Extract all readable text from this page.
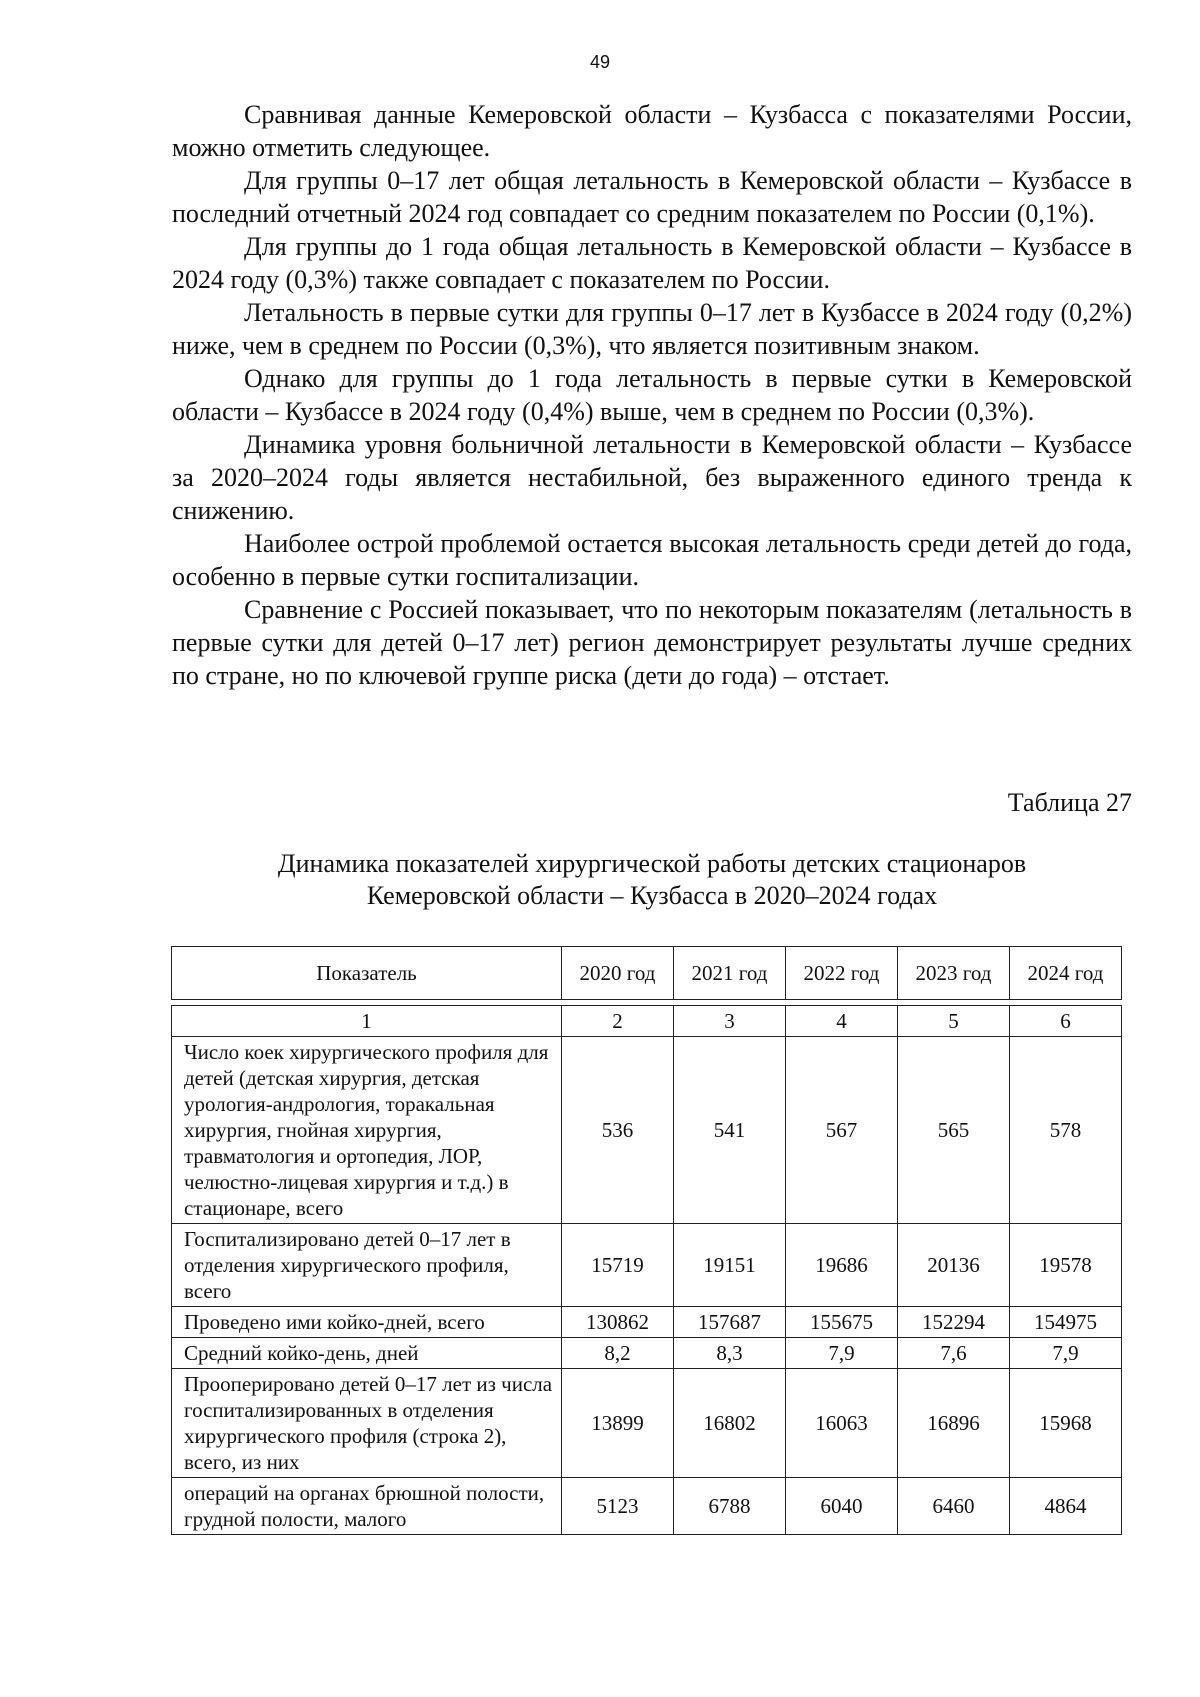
49

Сравнивая данные Кемеровской области – Кузбасса с показателями России, можно отметить следующее.

Для группы 0–17 лет общая летальность в Кемеровской области – Кузбассе в последний отчетный 2024 год совпадает со средним показателем по России (0,1%).

Для группы до 1 года общая летальность в Кемеровской области – Кузбассе в 2024 году (0,3%) также совпадает с показателем по России.

Летальность в первые сутки для группы 0–17 лет в Кузбассе в 2024 году (0,2%) ниже, чем в среднем по России (0,3%), что является позитивным знаком.

Однако для группы до 1 года летальность в первые сутки в Кемеровской области – Кузбассе в 2024 году (0,4%) выше, чем в среднем по России (0,3%).

Динамика уровня больничной летальности в Кемеровской области – Кузбассе за 2020–2024 годы является нестабильной, без выраженного единого тренда к снижению.

Наиболее острой проблемой остается высокая летальность среди детей до года, особенно в первые сутки госпитализации.

Сравнение с Россией показывает, что по некоторым показателям (летальность в первые сутки для детей 0–17 лет) регион демонстрирует результаты лучше средних по стране, но по ключевой группе риска (дети до года) – отстает.

Таблица 27
Динамика показателей хирургической работы детских стационаров
Кемеровской области – Кузбасса в 2020–2024 годах
Показатель	2020 год	2021 год	2022 год	2023 год	2024 год
1	2	3	4	5	6
Число коек хирургического профиля для детей (детская хирургия, детская урология-андрология, торакальная хирургия, гнойная хирургия, травматология и ортопедия, ЛОР, челюстно-лицевая хирургия и т.д.) в стационаре, всего	536	541	567	565	578
Госпитализировано детей 0–17 лет в отделения хирургического профиля, всего	15719	19151	19686	20136	19578
Проведено ими койко-дней, всего	130862	157687	155675	152294	154975
Средний койко-день, дней	8,2	8,3	7,9	7,6	7,9
Прооперировано детей 0–17 лет из числа госпитализированных в отделения хирургического профиля (строка 2), всего, из них	13899	16802	16063	16896	15968
операций на органах брюшной полости, грудной полости, малого	5123	6788	6040	6460	4864
